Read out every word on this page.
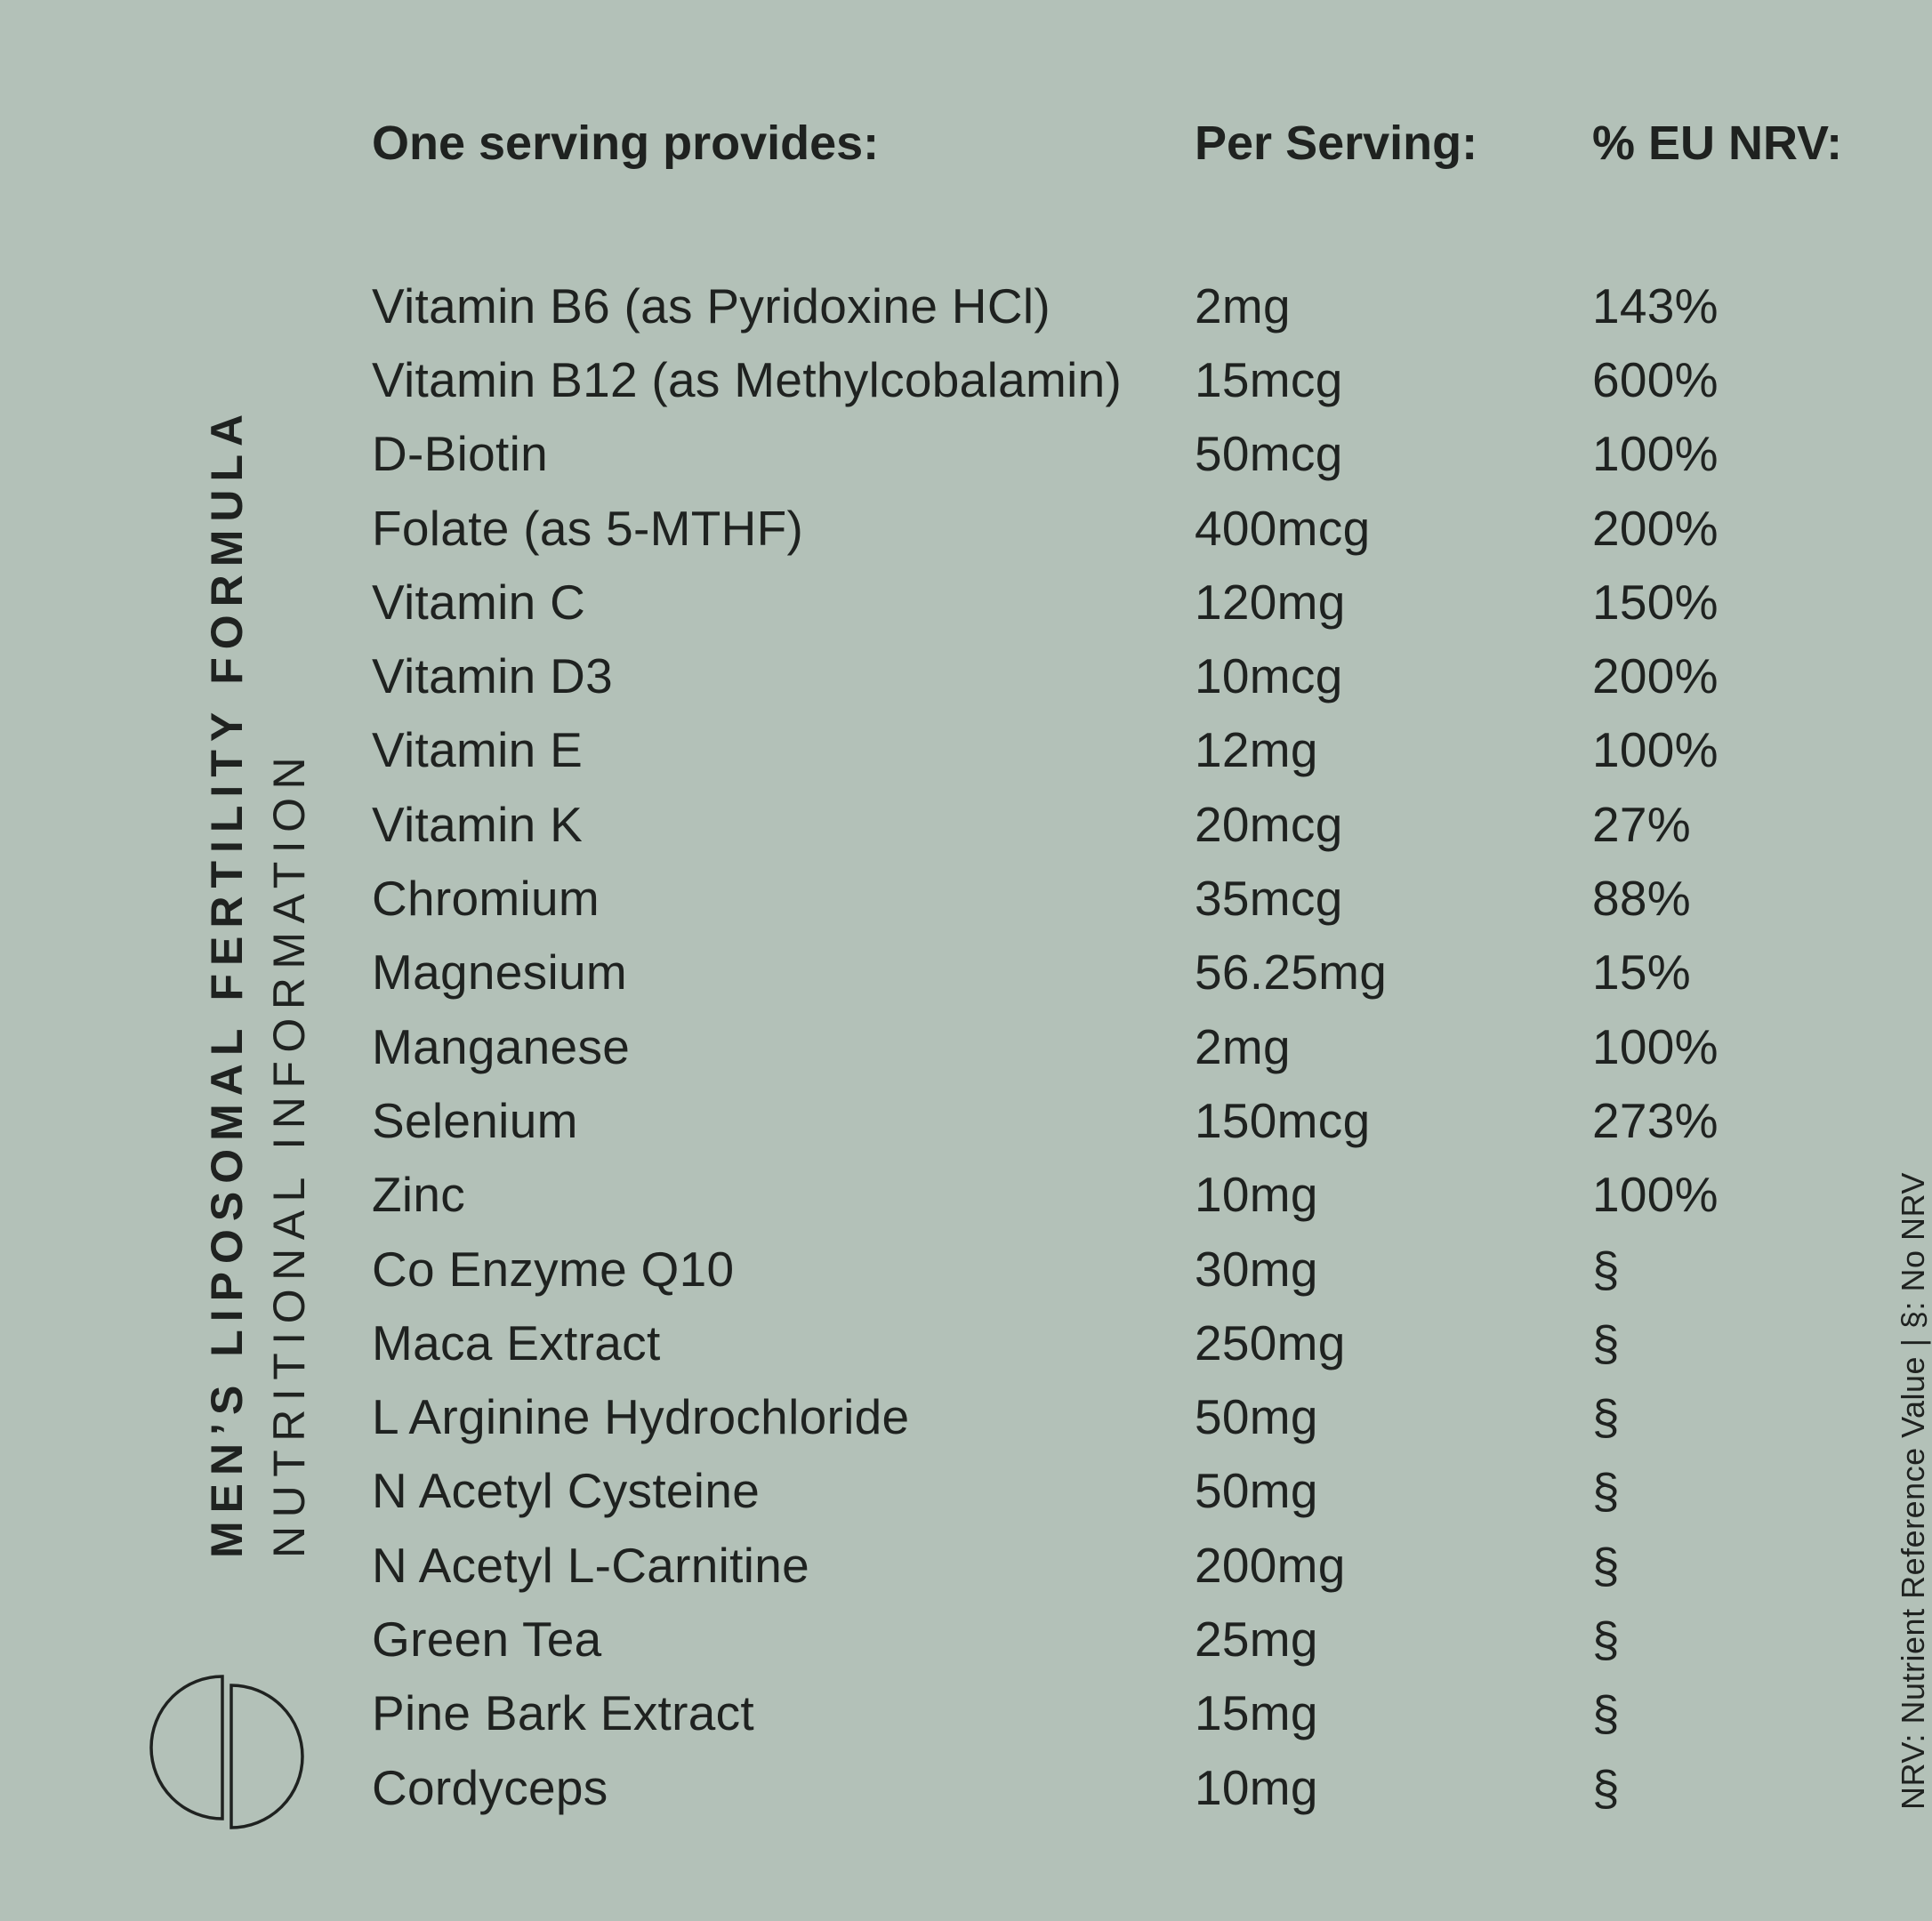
MEN’S LIPOSOMAL FERTILITY FORMULA NUTRITIONAL INFORMATION
One serving provides:	Per Serving:	% EU NRV:

Vitamin B6 (as Pyridoxine HCl)	2mg	143%
Vitamin B12 (as Methylcobalamin)	15mcg	600%
D-Biotin	50mcg	100%
Folate (as 5-MTHF)	400mcg	200%
Vitamin C	120mg	150%
Vitamin D3	10mcg	200%
Vitamin E	12mg	100%
Vitamin K	20mcg	27%
Chromium	35mcg	88%
Magnesium	56.25mg	15%
Manganese	2mg	100%
Selenium	150mcg	273%
Zinc	10mg	100%
Co Enzyme Q10	30mg	§
Maca Extract	250mg	§
L Arginine Hydrochloride	50mg	§
N Acetyl Cysteine	50mg	§
N Acetyl L-Carnitine	200mg	§
Green Tea	25mg	§
Pine Bark Extract	15mg	§
Cordyceps	10mg	§	NRV: Nutrient Reference Value | §: No NRV
